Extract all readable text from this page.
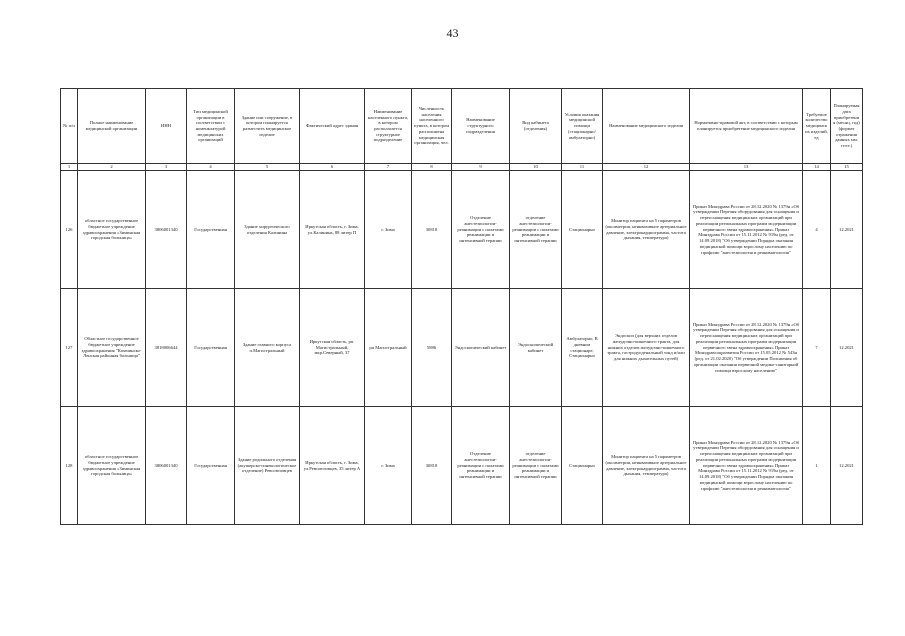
43
№ п/п	Полное наименование медицинской организации	ИНН	Тип медицинской организации в соответствии с номенклатурой медицинских организаций	Здание или сооружение, в котором планируется разместить медицинское изделие	Фактический адрес здания	Наименование населенного пункта, в котором располагается структурное подразделение	Численность населения населенного пункта, в котором расположена медицинская организация, чел.	Наименование структурного подразделения	Вид кабинета (отделения)	Условия оказания медицинской помощи (стационарно/амбулаторно)	Наименование медицинского изделия	Нормативно-правовой акт, в соответствии с которым планируется приобретение медицинского изделия	Требуемое количество медицинских изделий, ед	Планируемая дата приобретения (месяц, год) (формат отражения данных мм. ггггг.)
1	2	3	4	5	6	7	8	9	10	11	12	13	14	15
126	областное государственное бюджетное учреждение здравоохранения «Зиминская городская больница»	3806001340	Государственная	Здание хирургического отделения Калинина	Иркутская область, г. Зима, ул.Калинина, 88 литер П	г. Зима	30818	Отделение анестезиологии-реанимации с палатами реанимации и интенсивной терапии	отделение анестезиологии-реанимации с палатами реанимации и интенсивной терапии	Стационарно	Монитор пациента на 5 параметров (оксиметрия, неинвазивное артериальное давление, электрокардиограмма, частота дыхания, температура)	Приказ Минздрава России от 28.12.2020 № 1379н «Об утверждении Перечня оборудования для оснащения и переоснащения медицинских организаций при реализации региональных программ модернизации первичного звена здравоохранения» Приказ Минздрава России от 15.11.2012 № 919н (ред. от 14.09.2018) "Об утверждении Порядка оказания медицинской помощи взрослому населению по профилю "анестезиология и реаниматология"	4	12.2021
127	Областное государственное бюджетное учреждение здравоохранения "Казачинско-Ленская районная больница"	3818006644	Государственная	Здание главного корпуса п.Магистральный	Иркутская область, рп. Магистральный, мкр.Северный, 37	рп Магистральный	5886	Эндоскопический кабинет	Эндоскопический кабинет	Амбулаторно, В дневном стационаре, Стационарно	Эндоскоп (для верхних отделов желудочно-кишечного тракта, для нижних отделов желудочно-кишечного тракта, гастродуоденальный зонд и/или для нижних дыхательных путей)	Приказ Минздрава России от 28.12.2020 № 1379н «Об утверждении Перечня оборудования для оснащения и переоснащения медицинских организаций при реализации региональных программ модернизации первичного звена здравоохранения» Приказ Минздравсоцразвития России от 15.05.2012 № 543н (ред. от 21.02.2020) "Об утверждении Положения об организации оказания первичной медико-санитарной помощи взрослому населению"	7	12.2021
128	областное государственное бюджетное учреждение здравоохранения «Зиминская городская больница»	3806001340	Государственная	Здание родильного отделения (акушерско-гинекологическое отделение) Ревсоюзовцев	Иркутская область, г. Зима, ул.Ревсоюзовцев, 35 литер А	г. Зима	30818	Отделение анестезиологии-реанимации с палатами реанимации и интенсивной терапии	отделение анестезиологии-реанимации с палатами реанимации и интенсивной терапии	Стационарно	Монитор пациента на 5 параметров (оксиметрия, неинвазивное артериальное давление, электрокардиограмма, частота дыхания, температура)	Приказ Минздрава России от 28.12.2020 № 1379н «Об утверждении Перечня оборудования для оснащения и переоснащения медицинских организаций при реализации региональных программ модернизации первичного звена здравоохранения» Приказ Минздрава России от 15.11.2012 № 919н (ред. от 14.09.2018) "Об утверждении Порядка оказания медицинской помощи взрослому населению по профилю "анестезиология и реаниматология"	1	12.2021
